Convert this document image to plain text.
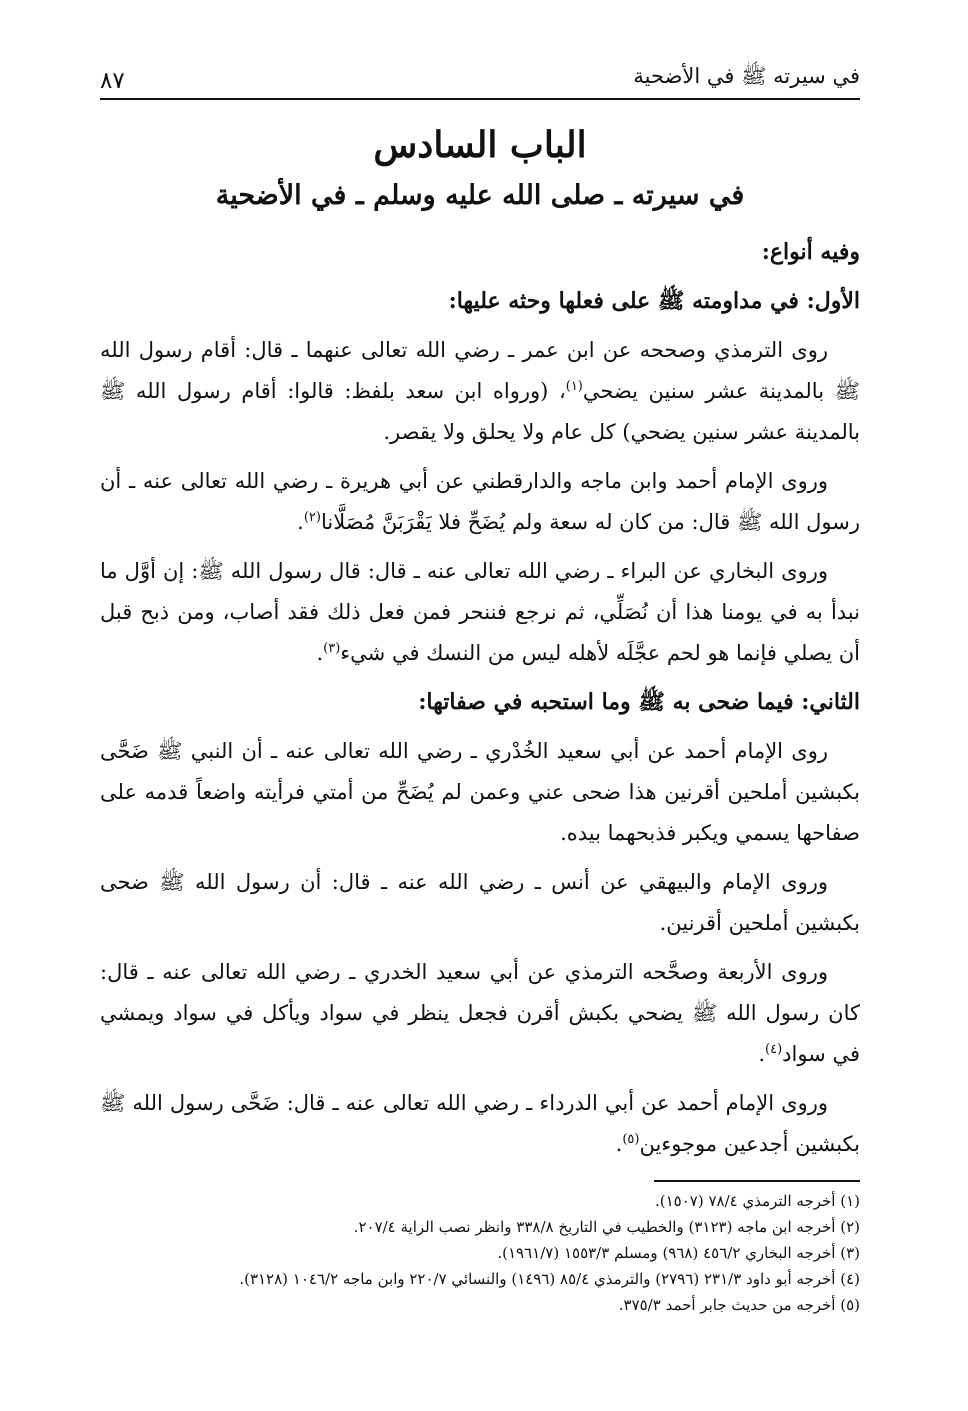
في سيرته ﷺ في الأضحية
٨٧
الباب السادس
في سيرته ـ صلى الله عليه وسلم ـ في الأضحية

وفيه أنواع:

الأول: في مداومته ﷺ على فعلها وحثه عليها:

روى الترمذي وصححه عن ابن عمر ـ رضي الله تعالى عنهما ـ قال: أقام رسول الله ﷺ بالمدينة عشر سنين يضحي$^{(١)}$، (ورواه ابن سعد بلفظ: قالوا: أقام رسول الله ﷺ بالمدينة عشر سنين يضحي) كل عام ولا يحلق ولا يقصر.

وروى الإمام أحمد وابن ماجه والدارقطني عن أبي هريرة ـ رضي الله تعالى عنه ـ أن رسول الله ﷺ قال: من كان له سعة ولم يُضَحِّ فلا يَقْرَبَنَّ مُصَلَّانا$^{(٢)}$.

وروى البخاري عن البراء ـ رضي الله تعالى عنه ـ قال: قال رسول الله ﷺ: إن أوَّل ما نبدأ به في يومنا هذا أن نُصَلِّي، ثم نرجع فننحر فمن فعل ذلك فقد أصاب، ومن ذبح قبل أن يصلي فإنما هو لحم عجَّلَه لأهله ليس من النسك في شيء$^{(٣)}$.

الثاني: فيما ضحى به ﷺ وما استحبه في صفاتها:

روى الإمام أحمد عن أبي سعيد الخُدْري ـ رضي الله تعالى عنه ـ أن النبي ﷺ ضَحَّى بكبشين أملحين أقرنين هذا ضحى عني وعمن لم يُضَحِّ من أمتي فرأيته واضعاً قدمه على صفاحها يسمي ويكبر فذبحهما بيده.

وروى الإمام والبيهقي عن أنس ـ رضي الله عنه ـ قال: أن رسول الله ﷺ ضحى بكبشين أملحين أقرنين.

وروى الأربعة وصحَّحه الترمذي عن أبي سعيد الخدري ـ رضي الله تعالى عنه ـ قال: كان رسول الله ﷺ يضحي بكبش أقرن فجعل ينظر في سواد ويأكل في سواد ويمشي في سواد$^{(٤)}$.

وروى الإمام أحمد عن أبي الدرداء ـ رضي الله تعالى عنه ـ قال: ضَحَّى رسول الله ﷺ بكبشين أجدعين موجوءين$^{(٥)}$.

(١) أخرجه الترمذي ٧٨/٤ (١٥٠٧).
(٢) أخرجه ابن ماجه (٣١٢٣) والخطيب في التاريخ ٣٣٨/٨ وانظر نصب الراية ٢٠٧/٤.
(٣) أخرجه البخاري ٤٥٦/٢ (٩٦٨) ومسلم ١٥٥٣/٣ (١٩٦١/٧).
(٤) أخرجه أبو داود ٢٣١/٣ (٢٧٩٦) والترمذي ٨٥/٤ (١٤٩٦) والنسائي ٢٢٠/٧ وابن ماجه ١٠٤٦/٢ (٣١٢٨).
(٥) أخرجه من حديث جابر أحمد ٣٧٥/٣.
